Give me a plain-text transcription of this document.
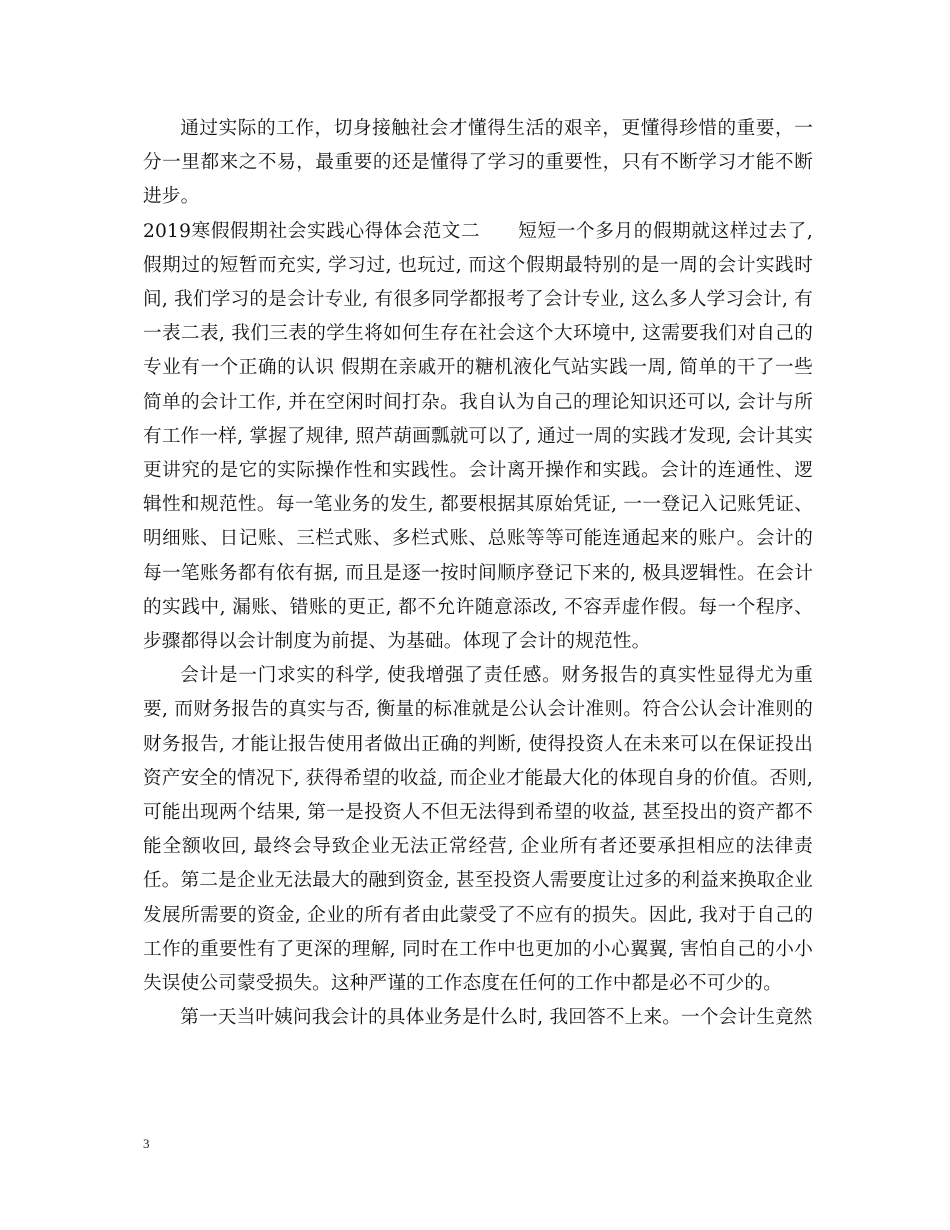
通过实际的工作，切身接触社会才懂得生活的艰辛，更懂得珍惜的重要，一分一里都来之不易，最重要的还是懂得了学习的重要性，只有不断学习才能不断进步。

2019寒假假期社会实践心得体会范文二 短短一个多月的假期就这样过去了, 假期过的短暂而充实, 学习过, 也玩过, 而这个假期最特别的是一周的会计实践时间, 我们学习的是会计专业, 有很多同学都报考了会计专业, 这么多人学习会计, 有一表二表, 我们三表的学生将如何生存在社会这个大环境中, 这需要我们对自己的专业有一个正确的认识 假期在亲戚开的糖机液化气站实践一周, 简单的干了一些简单的会计工作, 并在空闲时间打杂。我自认为自己的理论知识还可以, 会计与所有工作一样, 掌握了规律, 照芦葫画瓢就可以了, 通过一周的实践才发现, 会计其实更讲究的是它的实际操作性和实践性。会计离开操作和实践。会计的连通性、逻辑性和规范性。每一笔业务的发生, 都要根据其原始凭证, 一一登记入记账凭证、明细账、日记账、三栏式账、多栏式账、总账等等可能连通起来的账户。会计的每一笔账务都有依有据, 而且是逐一按时间顺序登记下来的, 极具逻辑性。在会计的实践中, 漏账、错账的更正, 都不允许随意添改, 不容弄虚作假。每一个程序、步骤都得以会计制度为前提、为基础。体现了会计的规范性。

会计是一门求实的科学, 使我增强了责任感。财务报告的真实性显得尤为重要, 而财务报告的真实与否, 衡量的标准就是公认会计准则。符合公认会计准则的财务报告, 才能让报告使用者做出正确的判断, 使得投资人在未来可以在保证投出资产安全的情况下, 获得希望的收益, 而企业才能最大化的体现自身的价值。否则, 可能出现两个结果, 第一是投资人不但无法得到希望的收益, 甚至投出的资产都不能全额收回, 最终会导致企业无法正常经营, 企业所有者还要承担相应的法律责任。第二是企业无法最大的融到资金, 甚至投资人需要度让过多的利益来换取企业发展所需要的资金, 企业的所有者由此蒙受了不应有的损失。因此, 我对于自己的工作的重要性有了更深的理解, 同时在工作中也更加的小心翼翼, 害怕自己的小小失误使公司蒙受损失。这种严谨的工作态度在任何的工作中都是必不可少的。

第一天当叶姨问我会计的具体业务是什么时, 我回答不上来。一个会计生竟然

3
